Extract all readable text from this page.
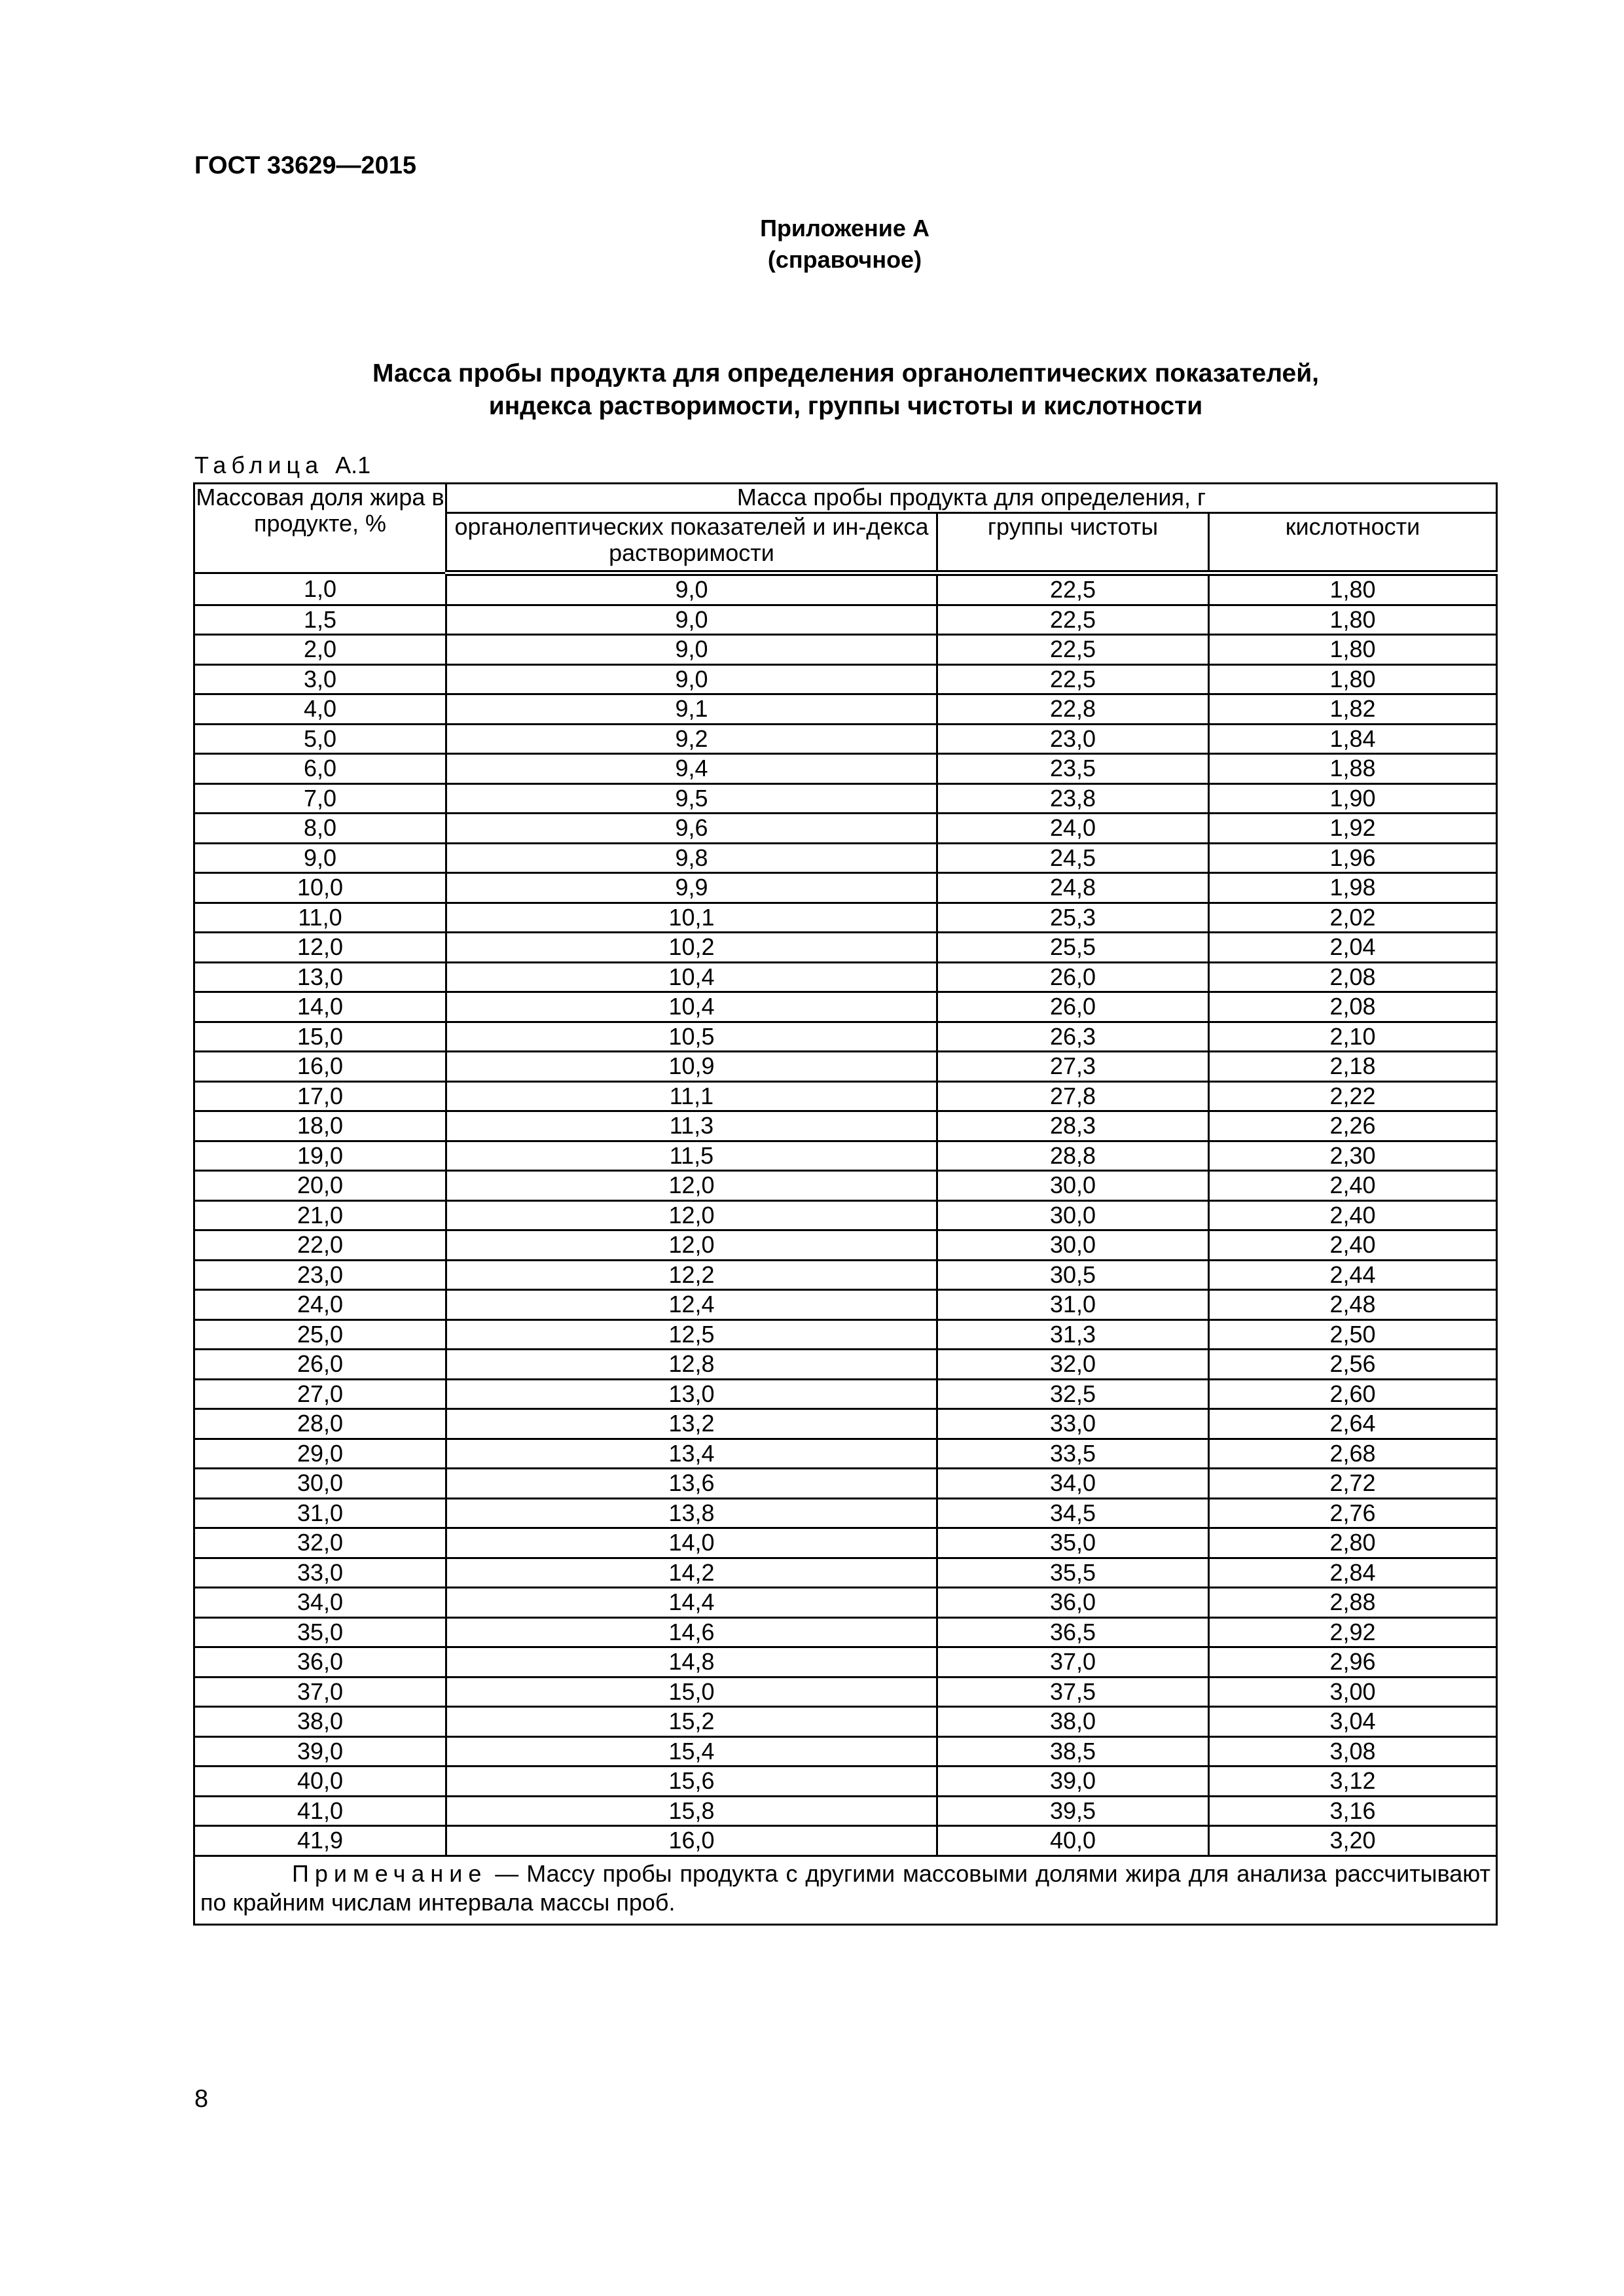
ГОСТ 33629—2015
Приложение А
(справочное)
Масса пробы продукта для определения органолептических показателей,
индекса растворимости, группы чистоты и кислотности
Таблица А.1
Массовая доля жира в продукте, %	Масса пробы продукта для определения, г		
	органолептических показателей и ин-декса растворимости	группы чистоты	кислотности
1,0	9,0	22,5	1,80
1,5	9,0	22,5	1,80
2,0	9,0	22,5	1,80
3,0	9,0	22,5	1,80
4,0	9,1	22,8	1,82
5,0	9,2	23,0	1,84
6,0	9,4	23,5	1,88
7,0	9,5	23,8	1,90
8,0	9,6	24,0	1,92
9,0	9,8	24,5	1,96
10,0	9,9	24,8	1,98
11,0	10,1	25,3	2,02
12,0	10,2	25,5	2,04
13,0	10,4	26,0	2,08
14,0	10,4	26,0	2,08
15,0	10,5	26,3	2,10
16,0	10,9	27,3	2,18
17,0	11,1	27,8	2,22
18,0	11,3	28,3	2,26
19,0	11,5	28,8	2,30
20,0	12,0	30,0	2,40
21,0	12,0	30,0	2,40
22,0	12,0	30,0	2,40
23,0	12,2	30,5	2,44
24,0	12,4	31,0	2,48
25,0	12,5	31,3	2,50
26,0	12,8	32,0	2,56
27,0	13,0	32,5	2,60
28,0	13,2	33,0	2,64
29,0	13,4	33,5	2,68
30,0	13,6	34,0	2,72
31,0	13,8	34,5	2,76
32,0	14,0	35,0	2,80
33,0	14,2	35,5	2,84
34,0	14,4	36,0	2,88
35,0	14,6	36,5	2,92
36,0	14,8	37,0	2,96
37,0	15,0	37,5	3,00
38,0	15,2	38,0	3,04
39,0	15,4	38,5	3,08
40,0	15,6	39,0	3,12
41,0	15,8	39,5	3,16
41,9	16,0	40,0	3,20
Примечание — Массу пробы продукта с другими массовыми долями жира для анализа рассчитывают по крайним числам интервала массы проб.			
8
